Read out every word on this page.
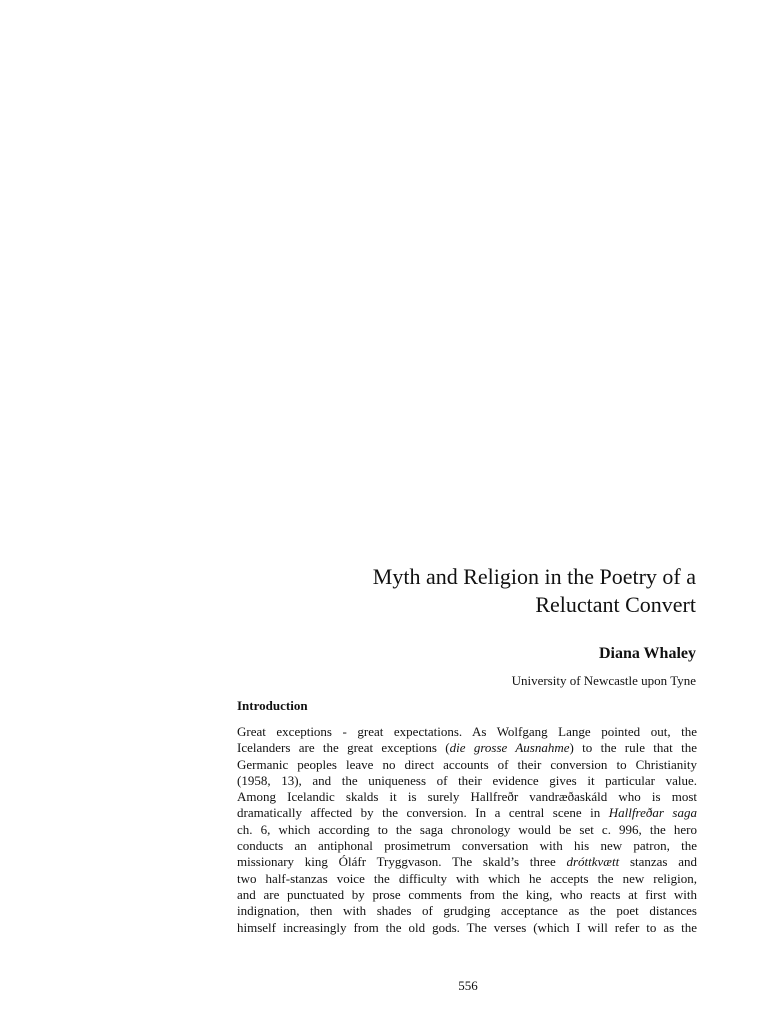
Myth and Religion in the Poetry of a
Reluctant Convert

Diana Whaley

University of Newcastle upon Tyne

Introduction
Great exceptions - great expectations. As Wolfgang Lange pointed out, the
Icelanders are the great exceptions (die grosse Ausnahme) to the rule that the
Germanic peoples leave no direct accounts of their conversion to Christianity
(1958, 13), and the uniqueness of their evidence gives it particular value.
Among Icelandic skalds it is surely Hallfreðr vandræðaskáld who is most
dramatically affected by the conversion. In a central scene in Hallfreðar saga
ch. 6, which according to the saga chronology would be set c. 996, the hero
conducts an antiphonal prosimetrum conversation with his new patron, the
missionary king Óláfr Tryggvason. The skald’s three dróttkvætt stanzas and
two half-stanzas voice the difficulty with which he accepts the new religion,
and are punctuated by prose comments from the king, who reacts at first with
indignation, then with shades of grudging acceptance as the poet distances
himself increasingly from the old gods. The verses (which I will refer to as the

556
